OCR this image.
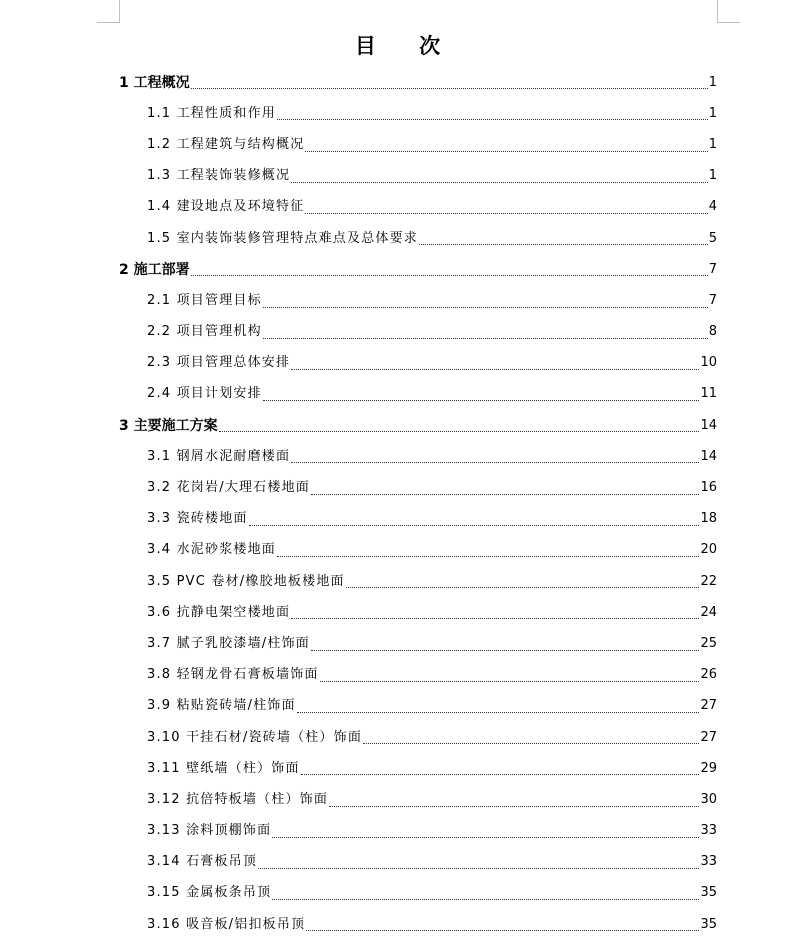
目 次
1 工程概况	1
1.1 工程性质和作用	1
1.2 工程建筑与结构概况	1
1.3 工程装饰装修概况	1
1.4 建设地点及环境特征	4
1.5 室内装饰装修管理特点难点及总体要求	5
2 施工部署	7
2.1 项目管理目标	7
2.2 项目管理机构	8
2.3 项目管理总体安排	10
2.4 项目计划安排	11
3 主要施工方案	14
3.1 钢屑水泥耐磨楼面	14
3.2 花岗岩/大理石楼地面	16
3.3 瓷砖楼地面	18
3.4 水泥砂浆楼地面	20
3.5 PVC 卷材/橡胶地板楼地面	22
3.6 抗静电架空楼地面	24
3.7 腻子乳胶漆墙/柱饰面	25
3.8 轻钢龙骨石膏板墙饰面	26
3.9 粘贴瓷砖墙/柱饰面	27
3.10 干挂石材/瓷砖墙（柱）饰面	27
3.11 壁纸墙（柱）饰面	29
3.12 抗倍特板墙（柱）饰面	30
3.13 涂料顶棚饰面	33
3.14 石膏板吊顶	33
3.15 金属板条吊顶	35
3.16 吸音板/铝扣板吊顶	35
